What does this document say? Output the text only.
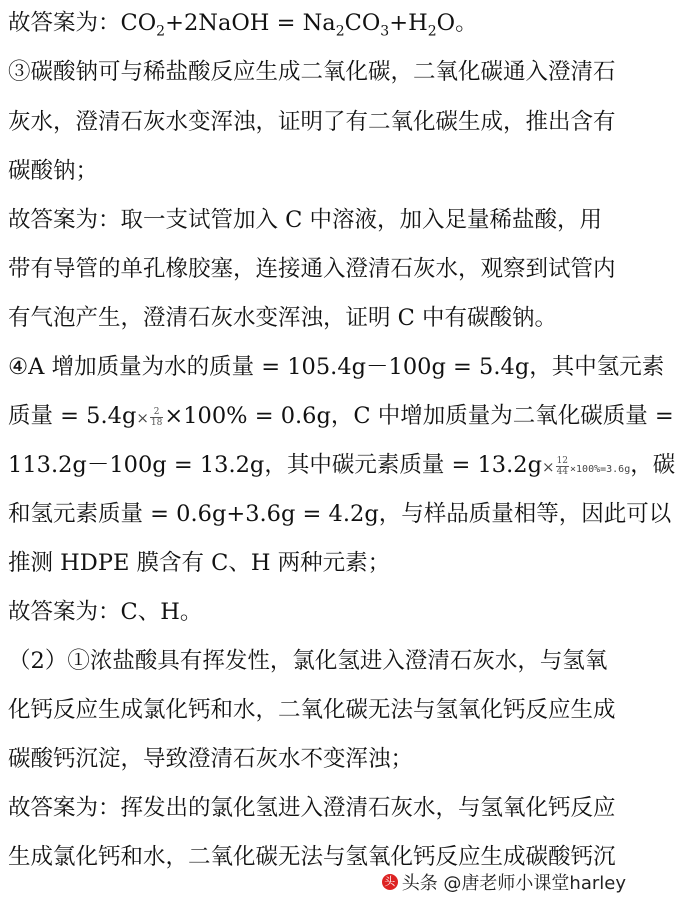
故答案为：$CO_2+2NaOH = Na_2CO_3+H_2O$。
③碳酸钠可与稀盐酸反应生成二氧化碳，二氧化碳通入澄清石
灰水，澄清石灰水变浑浊，证明了有二氧化碳生成，推出含有
碳酸钠；
故答案为：取一支试管加入 C 中溶液，加入足量稀盐酸，用
带有导管的单孔橡胶塞，连接通入澄清石灰水，观察到试管内
有气泡产生，澄清石灰水变浑浊，证明 C 中有碳酸钠。
④A 增加质量为水的质量 = 105.4g－100g = 5.4g，其中氢元素
质量 = $5.4g\times \frac{2}{18} \times 100\% = 0.6g$，C 中增加质量为二氧化碳质量 =
113.2g－100g = 13.2g，其中碳元素质量 = $13.2g\times \frac{12}{44} \times 100\%=3.6g$，碳
和氢元素质量 = 0.6g+3.6g = 4.2g，与样品质量相等，因此可以
推测 HDPE 膜含有 C、H 两种元素；
故答案为：C、H。
（2）①浓盐酸具有挥发性，氯化氢进入澄清石灰水，与氢氧
化钙反应生成氯化钙和水，二氧化碳无法与氢氧化钙反应生成
碳酸钙沉淀，导致澄清石灰水不变浑浊；
故答案为：挥发出的氯化氢进入澄清石灰水，与氢氧化钙反应
生成氯化钙和水，二氧化碳无法与氢氧化钙反应生成碳酸钙沉
头 头条 @唐老师小课堂harley
